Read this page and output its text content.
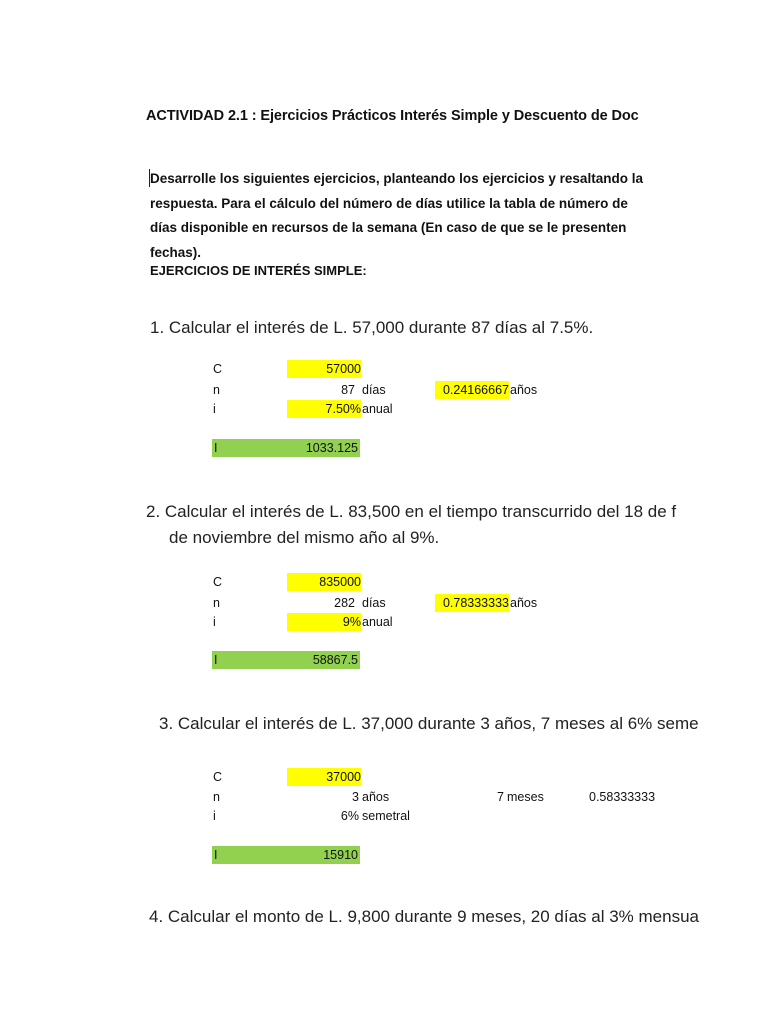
ACTIVIDAD 2.1 : Ejercicios Prácticos Interés Simple y Descuento de Doc
Desarrolle los siguientes ejercicios, planteando los ejercicios y resaltando la
respuesta. Para el cálculo del número de días utilice la tabla de número de
días disponible en recursos de la semana (En caso de que se le presenten
fechas).
EJERCICIOS DE INTERÉS SIMPLE:
1. Calcular el interés de L. 57,000 durante 87 días al 7.5%.
C	57000
n	87 días	0.24166667 años
i	7.50% anual
I	1033.125
2. Calcular el interés de L. 83,500 en el tiempo transcurrido del 18 de f
de noviembre del mismo año al 9%.
C	835000
n	282 días	0.78333333 años
i	9% anual
I	58867.5
3. Calcular el interés de L. 37,000 durante 3 años, 7 meses al 6% seme
C	37000
n	3 años	7 meses	0.58333333
i	6% semetral
I	15910
4. Calcular el monto de L. 9,800 durante 9 meses, 20 días al 3% mensua
